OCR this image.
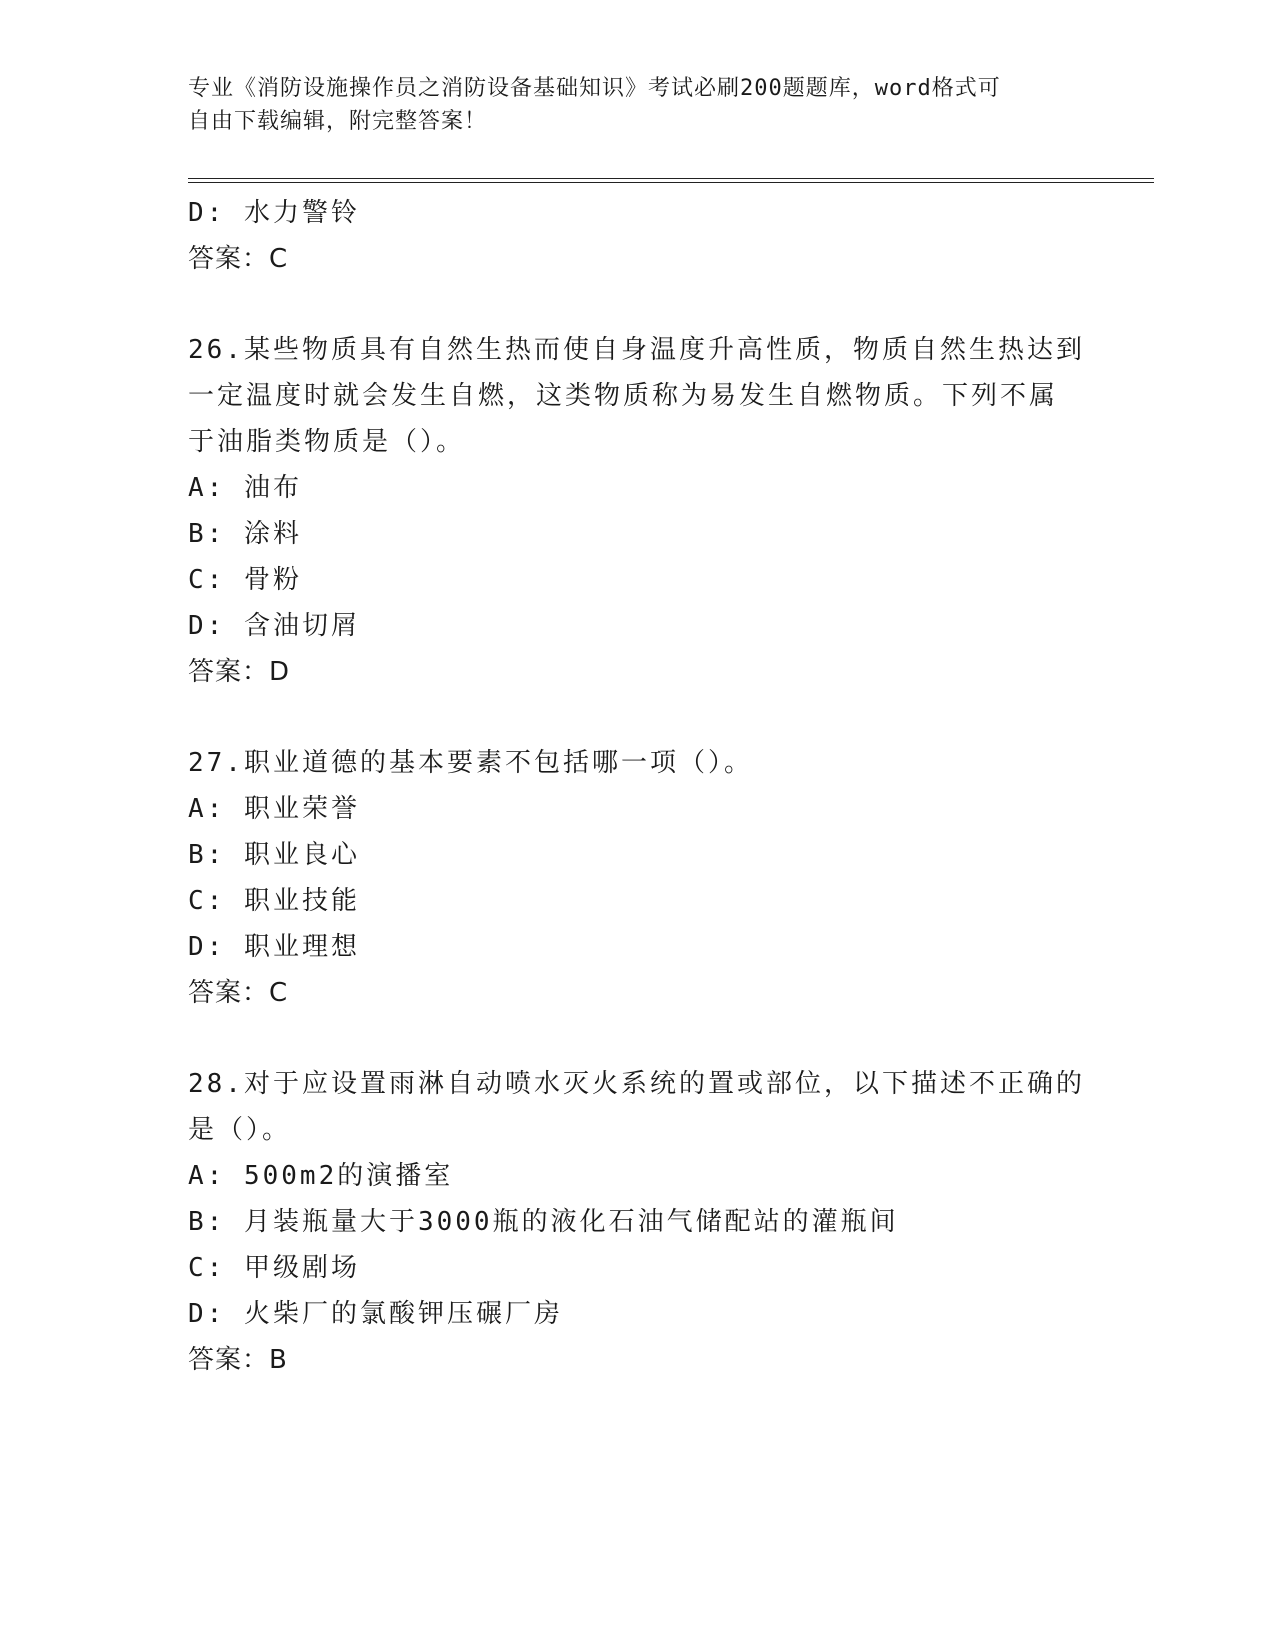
专业《消防设施操作员之消防设备基础知识》考试必刷200题题库，word格式可
自由下载编辑，附完整答案！
D: 水力警铃
答案：C
26.某些物质具有自然生热而使自身温度升高性质，物质自然生热达到
一定温度时就会发生自燃，这类物质称为易发生自燃物质。下列不属
于油脂类物质是（）。
A: 油布
B: 涂料
C: 骨粉
D: 含油切屑
答案：D
27.职业道德的基本要素不包括哪一项（）。
A: 职业荣誉
B: 职业良心
C: 职业技能
D: 职业理想
答案：C
28.对于应设置雨淋自动喷水灭火系统的置或部位，以下描述不正确的
是（）。
A: 500m2的演播室
B: 月装瓶量大于3000瓶的液化石油气储配站的灌瓶间
C: 甲级剧场
D: 火柴厂的氯酸钾压碾厂房
答案：B
